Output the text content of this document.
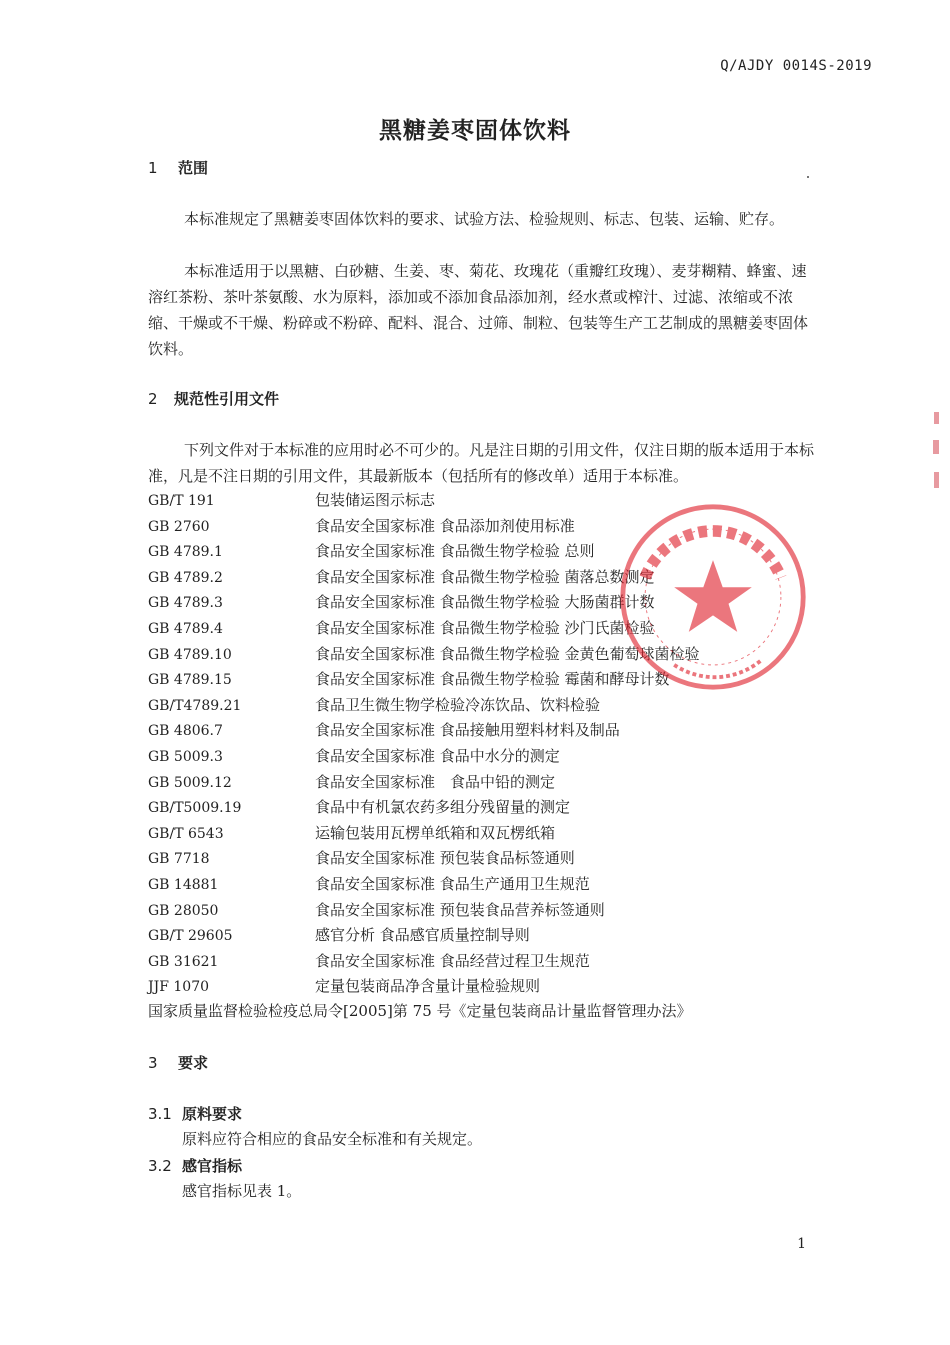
Q/AJDY 0014S-2019
黑糖姜枣固体饮料
1 范围

本标准规定了黑糖姜枣固体饮料的要求、试验方法、检验规则、标志、包装、运输、贮存。

本标准适用于以黑糖、白砂糖、生姜、枣、菊花、玫瑰花（重瓣红玫瑰）、麦芽糊精、蜂蜜、速溶红茶粉、茶叶茶氨酸、水为原料，添加或不添加食品添加剂，经水煮或榨汁、过滤、浓缩或不浓缩、干燥或不干燥、粉碎或不粉碎、配料、混合、过筛、制粒、包装等生产工艺制成的黑糖姜枣固体饮料。

2 规范性引用文件

下列文件对于本标准的应用时必不可少的。凡是注日期的引用文件，仅注日期的版本适用于本标准，凡是不注日期的引用文件，其最新版本（包括所有的修改单）适用于本标准。

GB/T 191	包装储运图示标志
GB 2760	食品安全国家标准 食品添加剂使用标准
GB 4789.1	食品安全国家标准 食品微生物学检验 总则
GB 4789.2	食品安全国家标准 食品微生物学检验 菌落总数测定
GB 4789.3	食品安全国家标准 食品微生物学检验 大肠菌群计数
GB 4789.4	食品安全国家标准 食品微生物学检验 沙门氏菌检验
GB 4789.10	食品安全国家标准 食品微生物学检验 金黄色葡萄球菌检验
GB 4789.15	食品安全国家标准 食品微生物学检验 霉菌和酵母计数
GB/T4789.21	食品卫生微生物学检验冷冻饮品、饮料检验
GB 4806.7	食品安全国家标准 食品接触用塑料材料及制品
GB 5009.3	食品安全国家标准 食品中水分的测定
GB 5009.12	食品安全国家标准　食品中铅的测定
GB/T5009.19	食品中有机氯农药多组分残留量的测定
GB/T 6543	运输包装用瓦楞单纸箱和双瓦楞纸箱
GB 7718	食品安全国家标准 预包装食品标签通则
GB 14881	食品安全国家标准 食品生产通用卫生规范
GB 28050	食品安全国家标准 预包装食品营养标签通则
GB/T 29605	感官分析 食品感官质量控制导则
GB 31621	食品安全国家标准 食品经营过程卫生规范
JJF 1070	定量包装商品净含量计量检验规则
国家质量监督检验检疫总局令[2005]第 75 号《定量包装商品计量监督管理办法》
3 要求
3.1 原料要求

原料应符合相应的食品安全标准和有关规定。

3.2 感官指标

感官指标见表 1。

1
